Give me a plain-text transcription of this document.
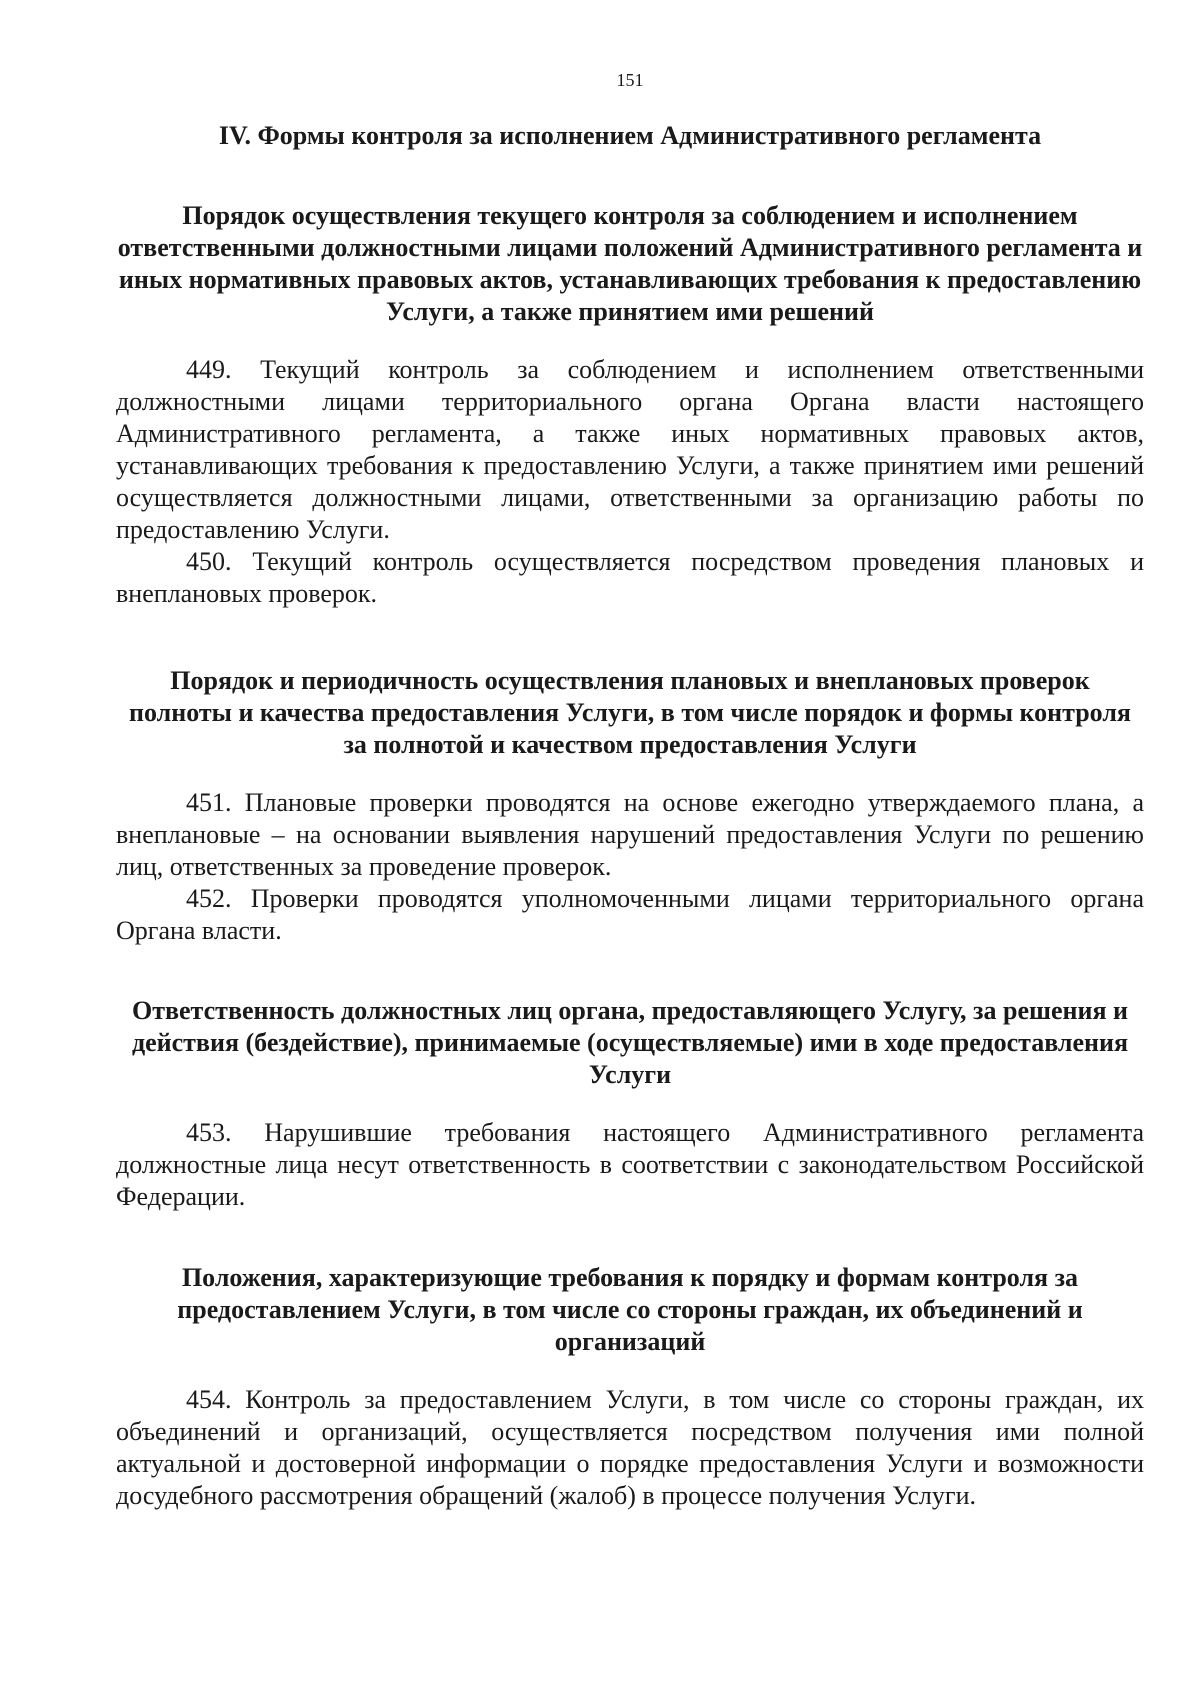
151
IV. Формы контроля за исполнением Административного регламента
Порядок осуществления текущего контроля за соблюдением и исполнением ответственными должностными лицами положений Административного регламента и иных нормативных правовых актов, устанавливающих требования к предоставлению Услуги, а также принятием ими решений

449. Текущий контроль за соблюдением и исполнением ответственными должностными лицами территориального органа Органа власти настоящего Административного регламента, а также иных нормативных правовых актов, устанавливающих требования к предоставлению Услуги, а также принятием ими решений осуществляется должностными лицами, ответственными за организацию работы по предоставлению Услуги.

450. Текущий контроль осуществляется посредством проведения плановых и внеплановых проверок.

Порядок и периодичность осуществления плановых и внеплановых проверок полноты и качества предоставления Услуги, в том числе порядок и формы контроля за полнотой и качеством предоставления Услуги

451. Плановые проверки проводятся на основе ежегодно утверждаемого плана, а внеплановые – на основании выявления нарушений предоставления Услуги по решению лиц, ответственных за проведение проверок.

452. Проверки проводятся уполномоченными лицами территориального органа Органа власти.

Ответственность должностных лиц органа, предоставляющего Услугу, за решения и действия (бездействие), принимаемые (осуществляемые) ими в ходе предоставления Услуги

453. Нарушившие требования настоящего Административного регламента должностные лица несут ответственность в соответствии с законодательством Российской Федерации.

Положения, характеризующие требования к порядку и формам контроля за предоставлением Услуги, в том числе со стороны граждан, их объединений и организаций

454. Контроль за предоставлением Услуги, в том числе со стороны граждан, их объединений и организаций, осуществляется посредством получения ими полной актуальной и достоверной информации о порядке предоставления Услуги и возможности досудебного рассмотрения обращений (жалоб) в процессе получения Услуги.
